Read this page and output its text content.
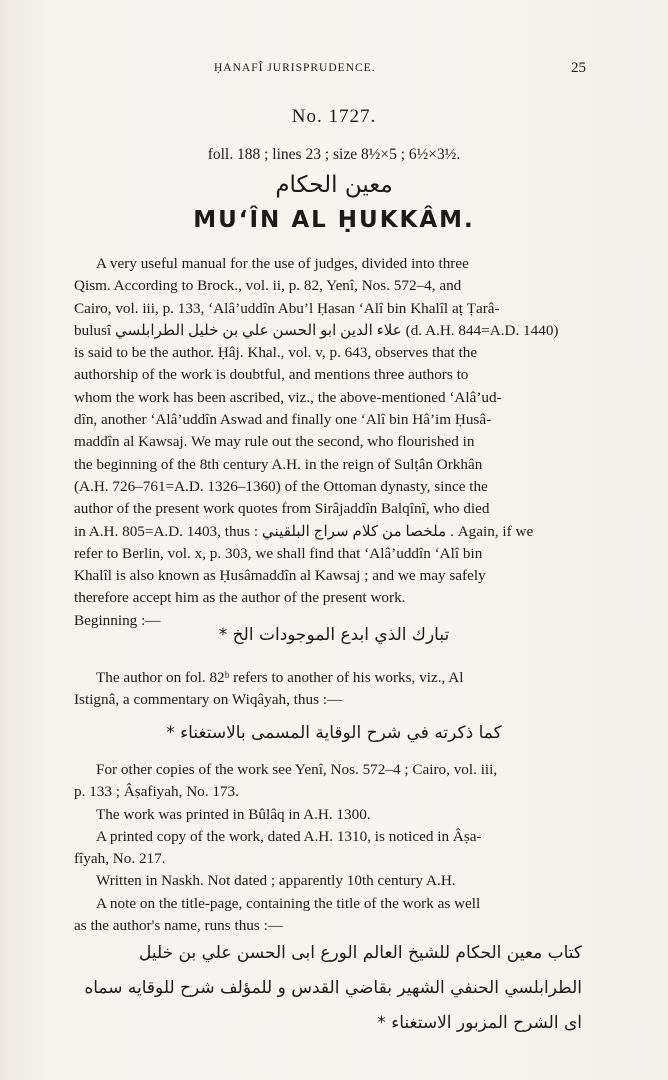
ḤANAFÎ JURISPRUDENCE.	25
No. 1727.
foll. 188 ; lines 23 ; size 8½×5 ; 6½×3½.
معين الحكام
MU‘ÎN AL ḤUKKÂM.
A very useful manual for the use of judges, divided into three
Qism. According to Brock., vol. ii, p. 82, Yenî, Nos. 572–4, and
Cairo, vol. iii, p. 133, ‘Alâ’uddîn Abu’l Ḥasan ‘Alî bin Khalîl aṭ Ṭarâ-
bulusî علاء الدين ابو الحسن علي بن خليل الطرابلسي (d. A.H. 844=A.D. 1440)
is said to be the author. Ḥâj. Khal., vol. v, p. 643, observes that the
authorship of the work is doubtful, and mentions three authors to
whom the work has been ascribed, viz., the above-mentioned ‘Alâ’ud-
dîn, another ‘Alâ’uddîn Aswad and finally one ‘Alî bin Hâ’im Ḥusâ-
maddîn al Kawsaj. We may rule out the second, who flourished in
the beginning of the 8th century A.H. in the reign of Sulṭân Orkhân
(A.H. 726–761=A.D. 1326–1360) of the Ottoman dynasty, since the
author of the present work quotes from Sirâjaddîn Balqînî, who died
in A.H. 805=A.D. 1403, thus : ملخصا من كلام سراج البلقيني . Again, if we
refer to Berlin, vol. x, p. 303, we shall find that ‘Alâ’uddîn ‘Alî bin
Khalîl is also known as Ḥusâmaddîn al Kawsaj ; and we may safely
therefore accept him as the author of the present work.
Beginning :—
تبارك الذي ابدع الموجودات الخ *
The author on fol. 82ᵇ refers to another of his works, viz., Al
Istignâ, a commentary on Wiqâyah, thus :—
كما ذكرته في شرح الوقاية المسمى بالاستغناء *
For other copies of the work see Yenî, Nos. 572–4 ; Cairo, vol. iii,
p. 133 ; Âṣafiyah, No. 173.
The work was printed in Bûlâq in A.H. 1300.
A printed copy of the work, dated A.H. 1310, is noticed in Âṣa-
fîyah, No. 217.
Written in Naskh. Not dated ; apparently 10th century A.H.
A note on the title-page, containing the title of the work as well
as the author's name, runs thus :—
كتاب معين الحكام للشيخ العالم الورع ابى الحسن علي بن خليل
الطرابلسي الحنفي الشهير بقاضي القدس و للمؤلف شرح للوقايه سماه
اى الشرح المزبور الاستغناء *
